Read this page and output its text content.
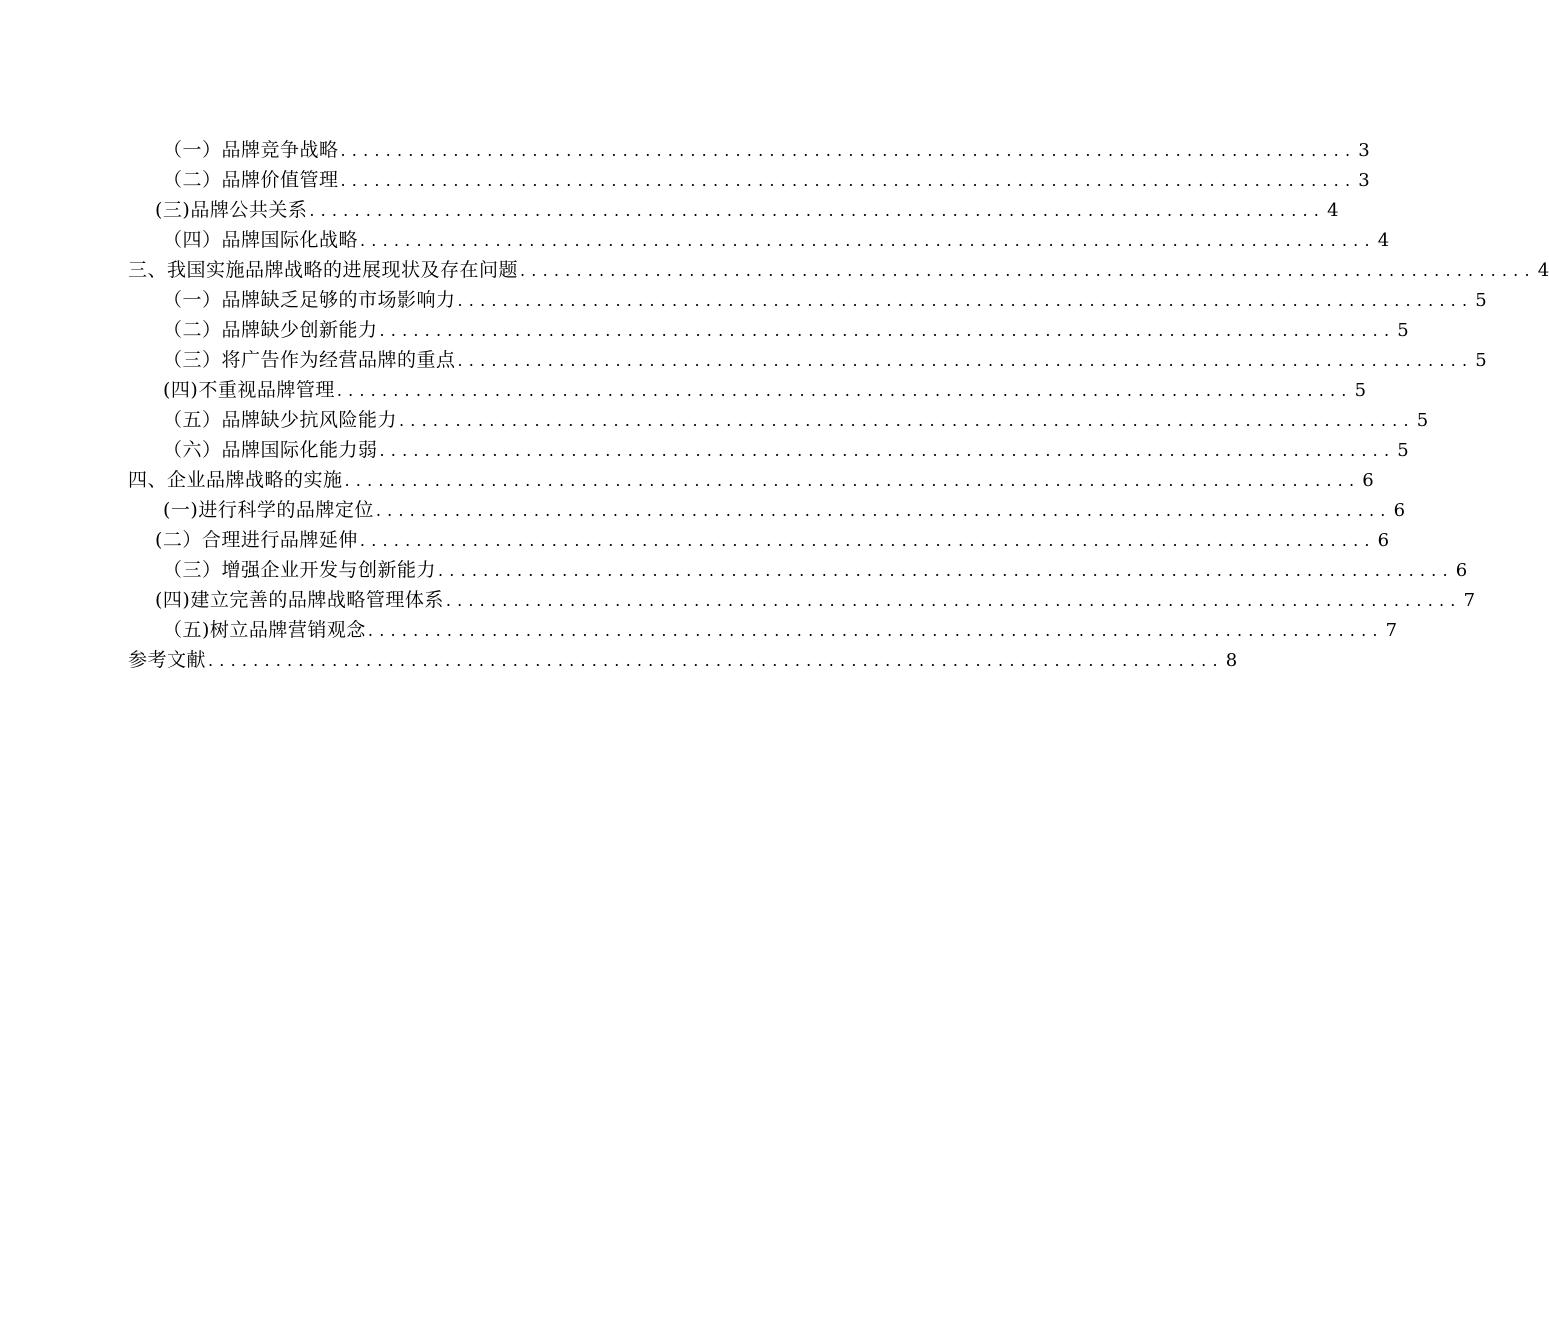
（一）品牌竞争战略 .......................................................................................... 3
（二）品牌价值管理 .......................................................................................... 3
(三)品牌公共关系 .......................................................................................... 4
（四）品牌国际化战略 .......................................................................................... 4
三、我国实施品牌战略的进展现状及存在问题 .......................................................................................... 4
（一）品牌缺乏足够的市场影响力 .......................................................................................... 5
（二）品牌缺少创新能力 .......................................................................................... 5
（三）将广告作为经营品牌的重点 .......................................................................................... 5
(四)不重视品牌管理 .......................................................................................... 5
（五）品牌缺少抗风险能力 .......................................................................................... 5
（六）品牌国际化能力弱 .......................................................................................... 5
四、企业品牌战略的实施 .......................................................................................... 6
(一)进行科学的品牌定位 .......................................................................................... 6
(二）合理进行品牌延伸 .......................................................................................... 6
（三）增强企业开发与创新能力 .......................................................................................... 6
(四)建立完善的品牌战略管理体系 .......................................................................................... 7
（五)树立品牌营销观念 .......................................................................................... 7
参考文献 .......................................................................................... 8
